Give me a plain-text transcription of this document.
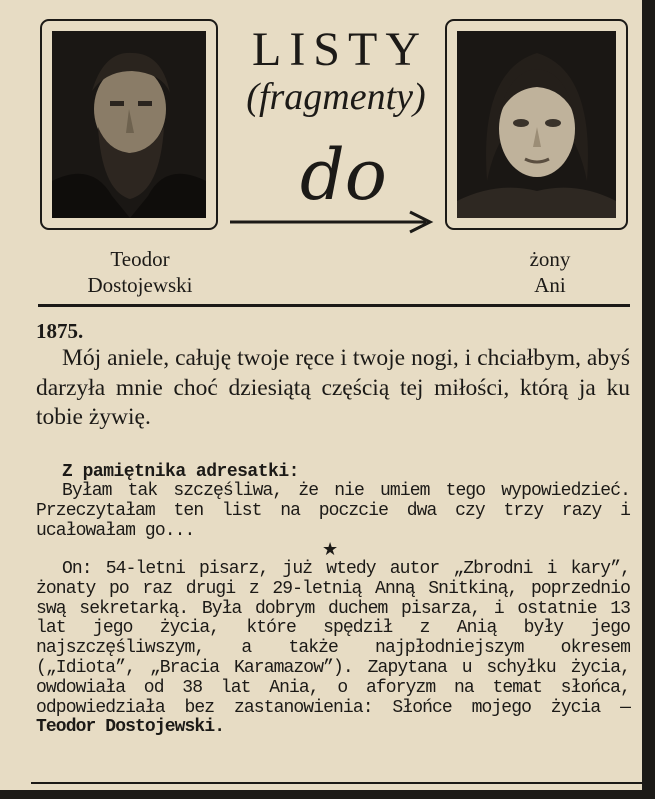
LISTY
(fragmenty)
do
Teodor
Dostojewski
żony
Ani
1875.

Mój aniele, całuję twoje ręce i twoje nogi, i chciałbym, abyś darzyła mnie choć dziesiątą częścią tej miłości, którą ja ku tobie żywię.

Z pamiętnika adresatki:

Byłam tak szczęśliwa, że nie umiem tego wypowiedzieć. Przeczytałam ten list na poczcie dwa czy trzy razy i ucałowałam go...

★

On: 54-letni pisarz, już wtedy autor „Zbrodni i kary”, żonaty po raz drugi z 29-letnią Anną Snitkiną, poprzednio swą sekretarką. Była dobrym duchem pisarza, i ostatnie 13 lat jego życia, które spędził z Anią były jego najszczęśliwszym, a także najpłodniejszym okresem („Idiota”, „Bracia Karamazow”). Zapytana u schyłku życia, owdowiała od 38 lat Ania, o aforyzm na temat słońca, odpowiedziała bez zastanowienia: Słońce mojego życia — Teodor Dostojewski.
